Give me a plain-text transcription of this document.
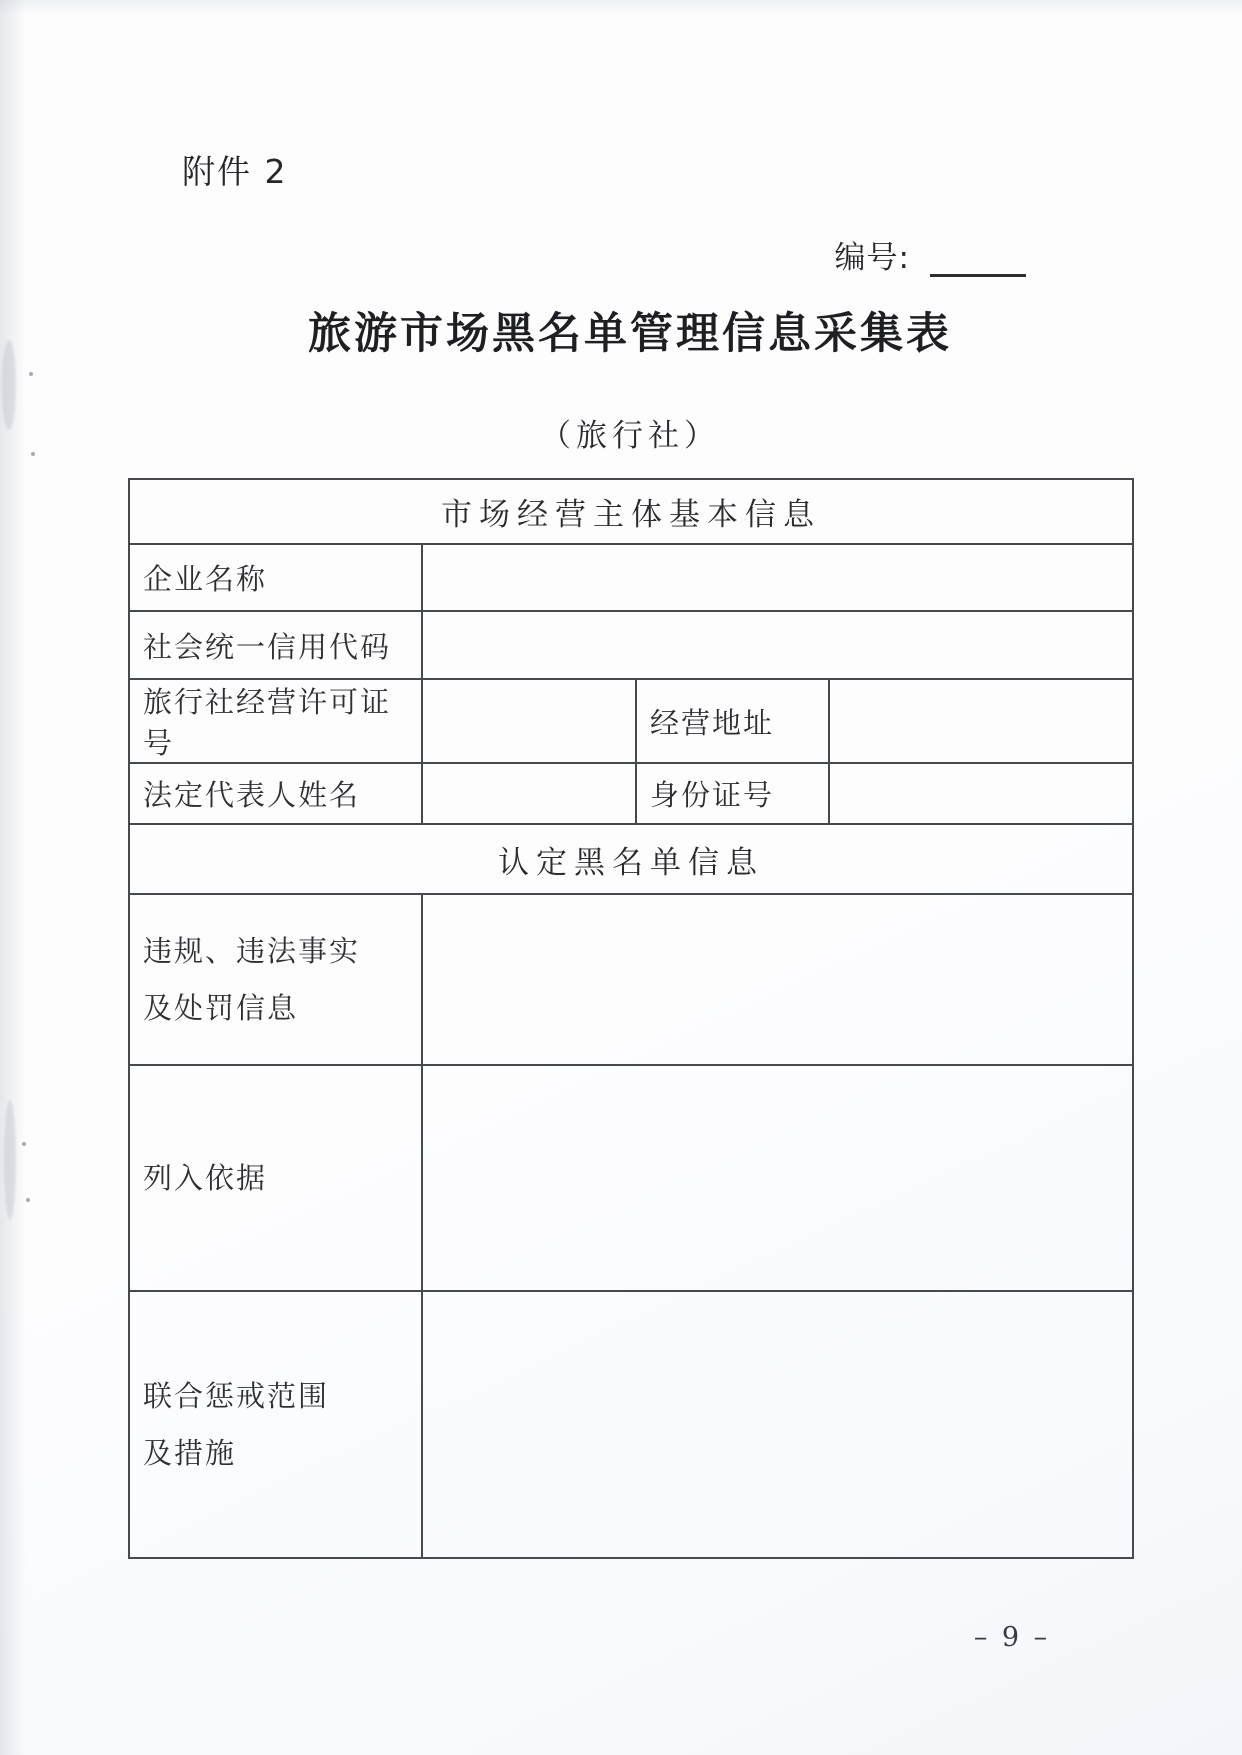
附件 2
编号:
旅游市场黑名单管理信息采集表
（旅行社）
市场经营主体基本信息			
企业名称			
社会统一信用代码			
旅行社经营许可证号		经营地址	
法定代表人姓名		身份证号	
认定黑名单信息			

违规、违法事实
及处罚信息			

列入依据			

联合惩戒范围
及措施			

– 9 –
